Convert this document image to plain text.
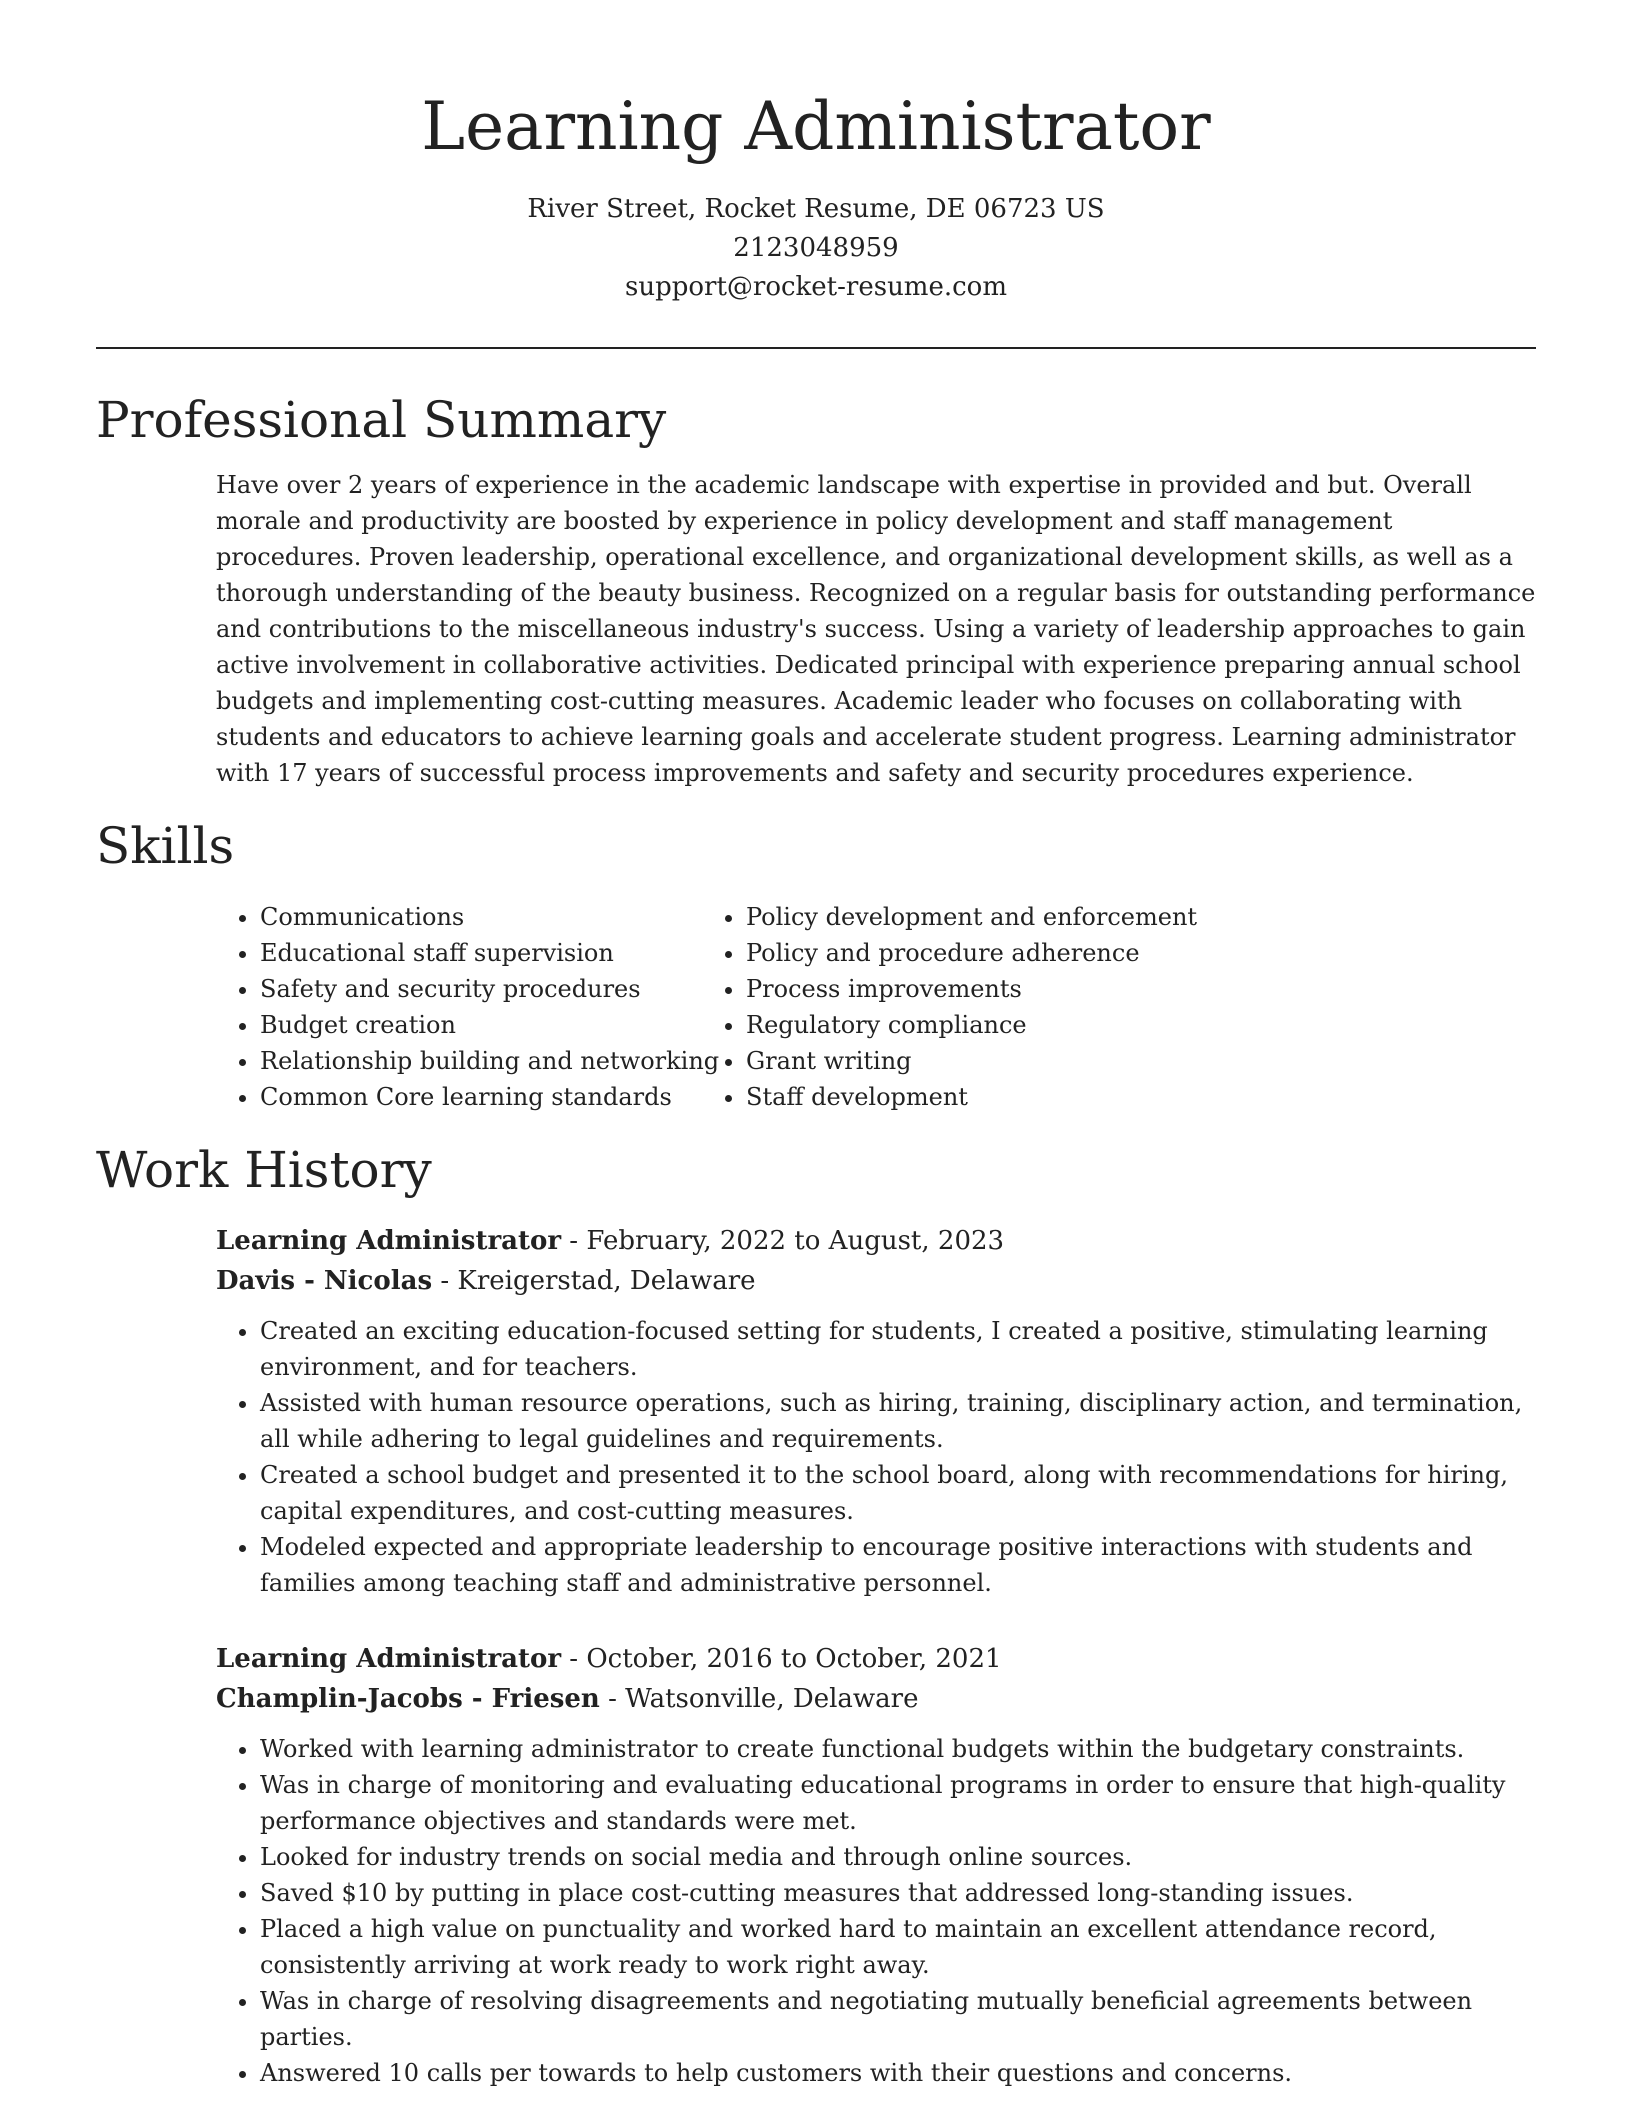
Learning Administrator
River Street, Rocket Resume, DE 06723 US
2123048959
support@rocket-resume.com
Professional Summary

Have over 2 years of experience in the academic landscape with expertise in provided and but. Overall morale and productivity are boosted by experience in policy development and staff management procedures. Proven leadership, operational excellence, and organizational development skills, as well as a thorough understanding of the beauty business. Recognized on a regular basis for outstanding performance and contributions to the miscellaneous industry's success. Using a variety of leadership approaches to gain active involvement in collaborative activities. Dedicated principal with experience preparing annual school budgets and implementing cost-cutting measures. Academic leader who focuses on collaborating with students and educators to achieve learning goals and accelerate student progress. Learning administrator with 17 years of successful process improvements and safety and security procedures experience.

Skills
• Communications
• Educational staff supervision
• Safety and security procedures
• Budget creation
• Relationship building and networking
• Common Core learning standards
• Policy development and enforcement
• Policy and procedure adherence
• Process improvements
• Regulatory compliance
• Grant writing
• Staff development
Work History
Learning Administrator - February, 2022 to August, 2023
Davis - Nicolas - Kreigerstad, Delaware
• Created an exciting education-focused setting for students, I created a positive, stimulating learning environment, and for teachers.
• Assisted with human resource operations, such as hiring, training, disciplinary action, and termination, all while adhering to legal guidelines and requirements.
• Created a school budget and presented it to the school board, along with recommendations for hiring, capital expenditures, and cost-cutting measures.
• Modeled expected and appropriate leadership to encourage positive interactions with students and families among teaching staff and administrative personnel.
Learning Administrator - October, 2016 to October, 2021
Champlin-Jacobs - Friesen - Watsonville, Delaware
• Worked with learning administrator to create functional budgets within the budgetary constraints.
• Was in charge of monitoring and evaluating educational programs in order to ensure that high-quality performance objectives and standards were met.
• Looked for industry trends on social media and through online sources.
• Saved $10 by putting in place cost-cutting measures that addressed long-standing issues.
• Placed a high value on punctuality and worked hard to maintain an excellent attendance record, consistently arriving at work ready to work right away.
• Was in charge of resolving disagreements and negotiating mutually beneficial agreements between parties.
• Answered 10 calls per towards to help customers with their questions and concerns.
